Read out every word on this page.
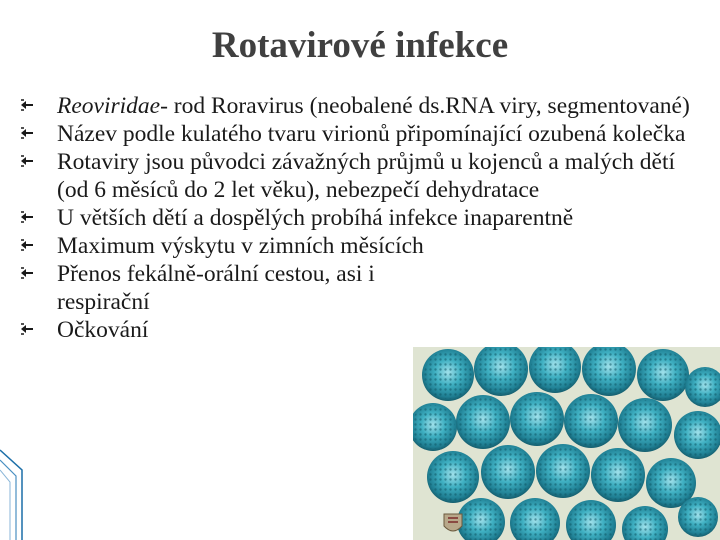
Rotavirové infekce
Reoviridae- rod Roravirus (neobalené ds.RNA viry, segmentované)
Název podle kulatého tvaru virionů připomínající ozubená kolečka
Rotaviry jsou původci závažných průjmů u kojenců a malých dětí (od 6 měsíců do 2 let věku), nebezpečí dehydratace
U větších dětí a dospělých probíhá infekce inaparentně
Maximum výskytu v zimních měsících
Přenos fekálně-orální cestou, asi i respirační
Očkování
